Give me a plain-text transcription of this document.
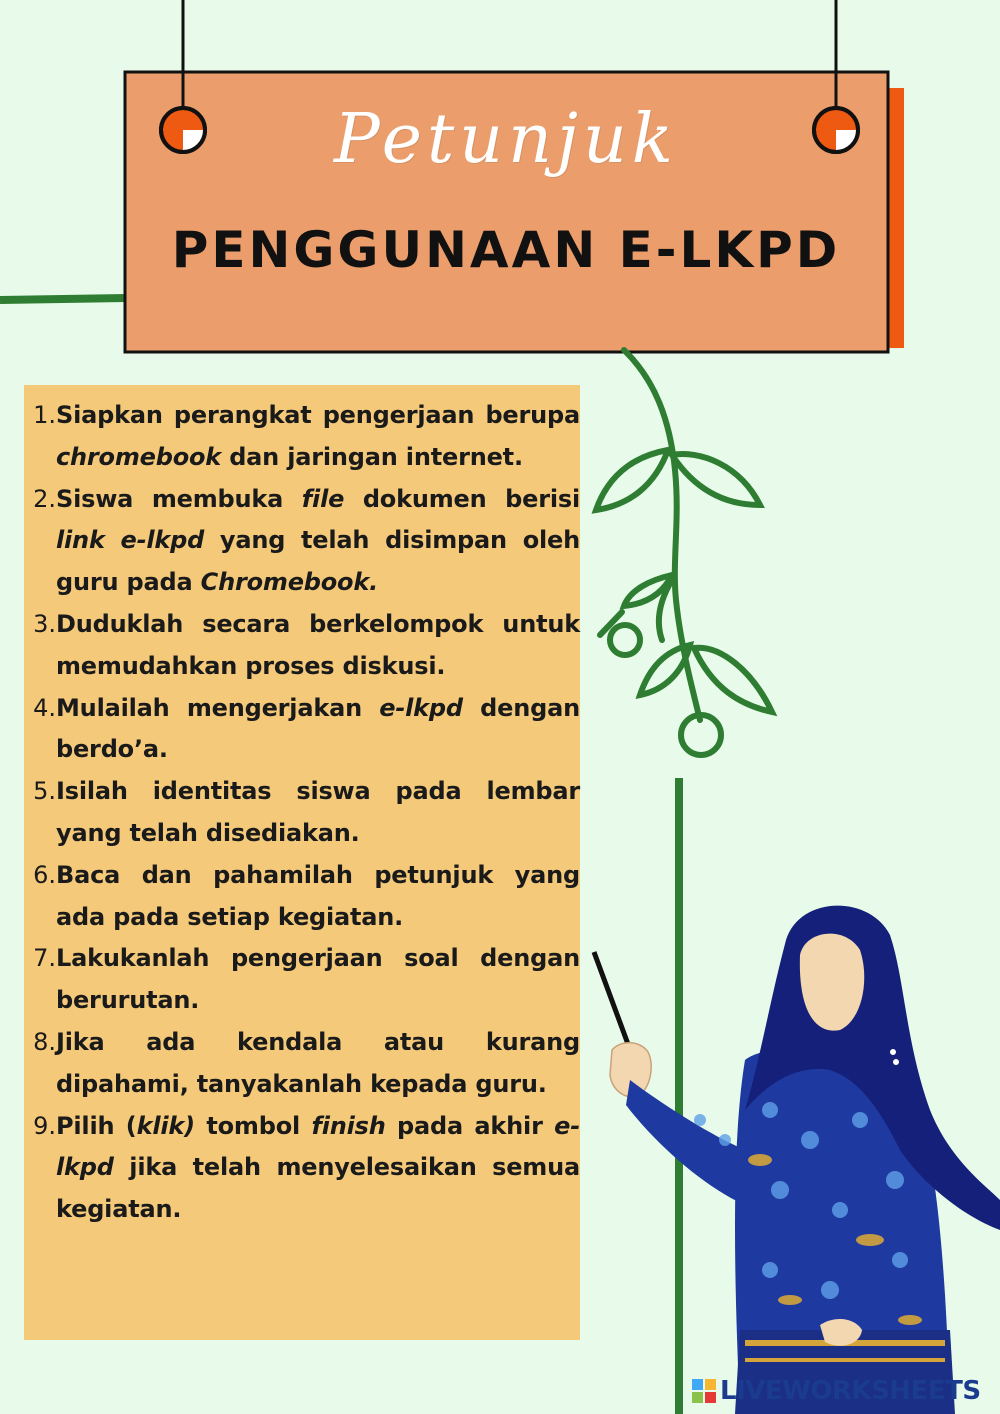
Petunjuk
PENGGUNAAN E-LKPD
1. Siapkan perangkat pengerjaan berupa chromebook dan jaringan internet.
2. Siswa membuka file dokumen berisi link e-lkpd yang telah disimpan oleh guru pada Chromebook.
3. Duduklah secara berkelompok untuk memudahkan proses diskusi.
4. Mulailah mengerjakan e-lkpd dengan berdo’a.
5. Isilah identitas siswa pada lembar yang telah disediakan.
6. Baca dan pahamilah petunjuk yang ada pada setiap kegiatan.
7. Lakukanlah pengerjaan soal dengan berurutan.
8. Jika ada kendala atau kurang dipahami, tanyakanlah kepada guru.
9. Pilih (klik) tombol finish pada akhir e-lkpd jika telah menyelesaikan semua kegiatan.
LIVEWORKSHEETS
